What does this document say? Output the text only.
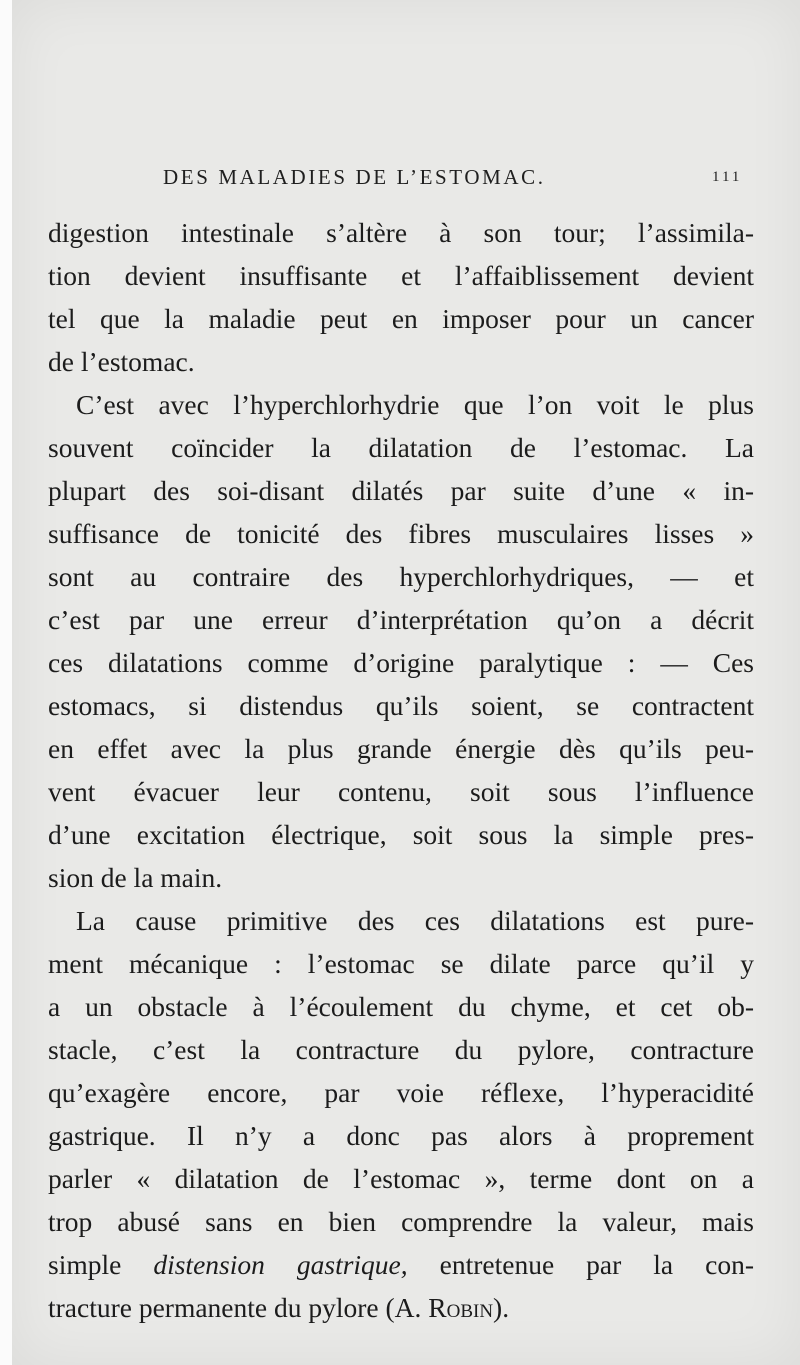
DES MALADIES DE L’ESTOMAC.	111
digestion intestinale s’altère à son tour; l’assimila-
tion devient insuffisante et l’affaiblissement devient
tel que la maladie peut en imposer pour un cancer
de l’estomac.
C’est avec l’hyperchlorhydrie que l’on voit le plus
souvent coïncider la dilatation de l’estomac. La
plupart des soi-disant dilatés par suite d’une « in-
suffisance de tonicité des fibres musculaires lisses »
sont au contraire des hyperchlorhydriques, — et
c’est par une erreur d’interprétation qu’on a décrit
ces dilatations comme d’origine paralytique : — Ces
estomacs, si distendus qu’ils soient, se contractent
en effet avec la plus grande énergie dès qu’ils peu-
vent évacuer leur contenu, soit sous l’influence
d’une excitation électrique, soit sous la simple pres-
sion de la main.
La cause primitive des ces dilatations est pure-
ment mécanique : l’estomac se dilate parce qu’il y
a un obstacle à l’écoulement du chyme, et cet ob-
stacle, c’est la contracture du pylore, contracture
qu’exagère encore, par voie réflexe, l’hyperacidité
gastrique. Il n’y a donc pas alors à proprement
parler « dilatation de l’estomac », terme dont on a
trop abusé sans en bien comprendre la valeur, mais
simple distension gastrique, entretenue par la con-
tracture permanente du pylore (A. Robin).
